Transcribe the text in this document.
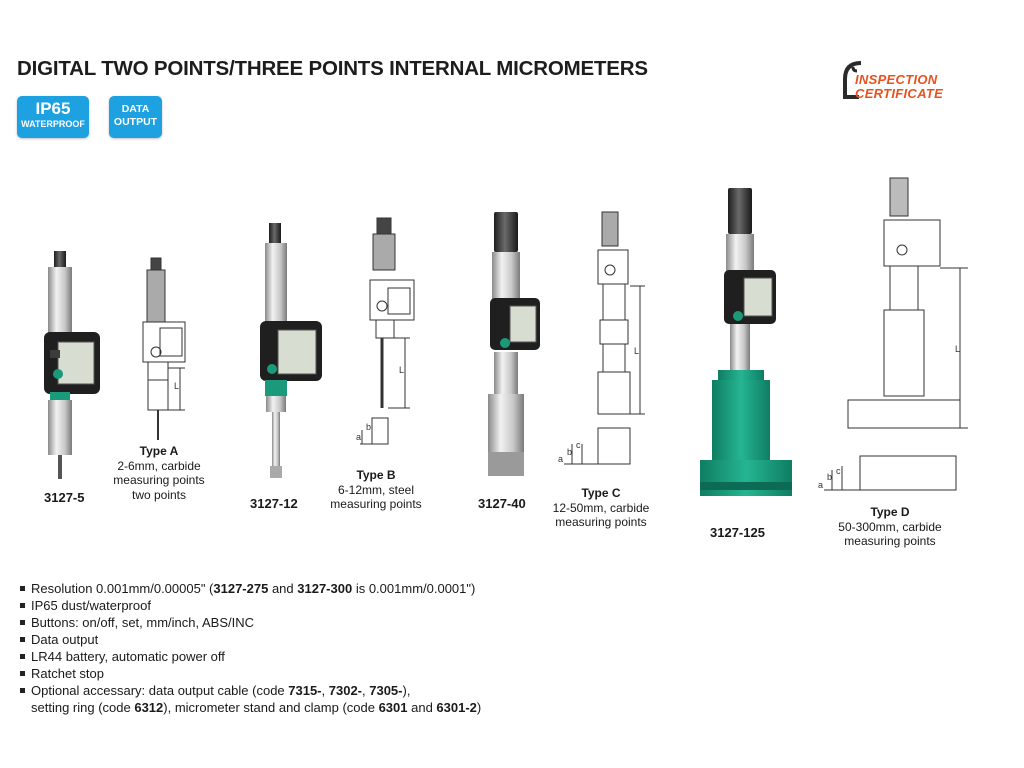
DIGITAL TWO POINTS/THREE POINTS INTERNAL MICROMETERS
IP65
WATERPROOF
DATA
OUTPUT
INSPECTION
CERTIFICATE
L
L
a
b
L
a
b
c
L
a
b
c
Type A
2-6mm, carbide
measuring points
two points
Type B
6-12mm, steel
measuring points
Type C
12-50mm, carbide
measuring points
Type D
50-300mm, carbide
measuring points
3127-5	3127-12	3127-40
3127-125
Resolution 0.001mm/0.00005" (3127-275 and 3127-300 is 0.001mm/0.0001")
IP65 dust/waterproof
Buttons: on/off, set, mm/inch, ABS/INC
Data output
LR44 battery, automatic power off
Ratchet stop
Optional accessary: data output cable (code 7315-, 7302-, 7305-),
setting ring (code 6312), micrometer stand and clamp (code 6301 and 6301-2)
